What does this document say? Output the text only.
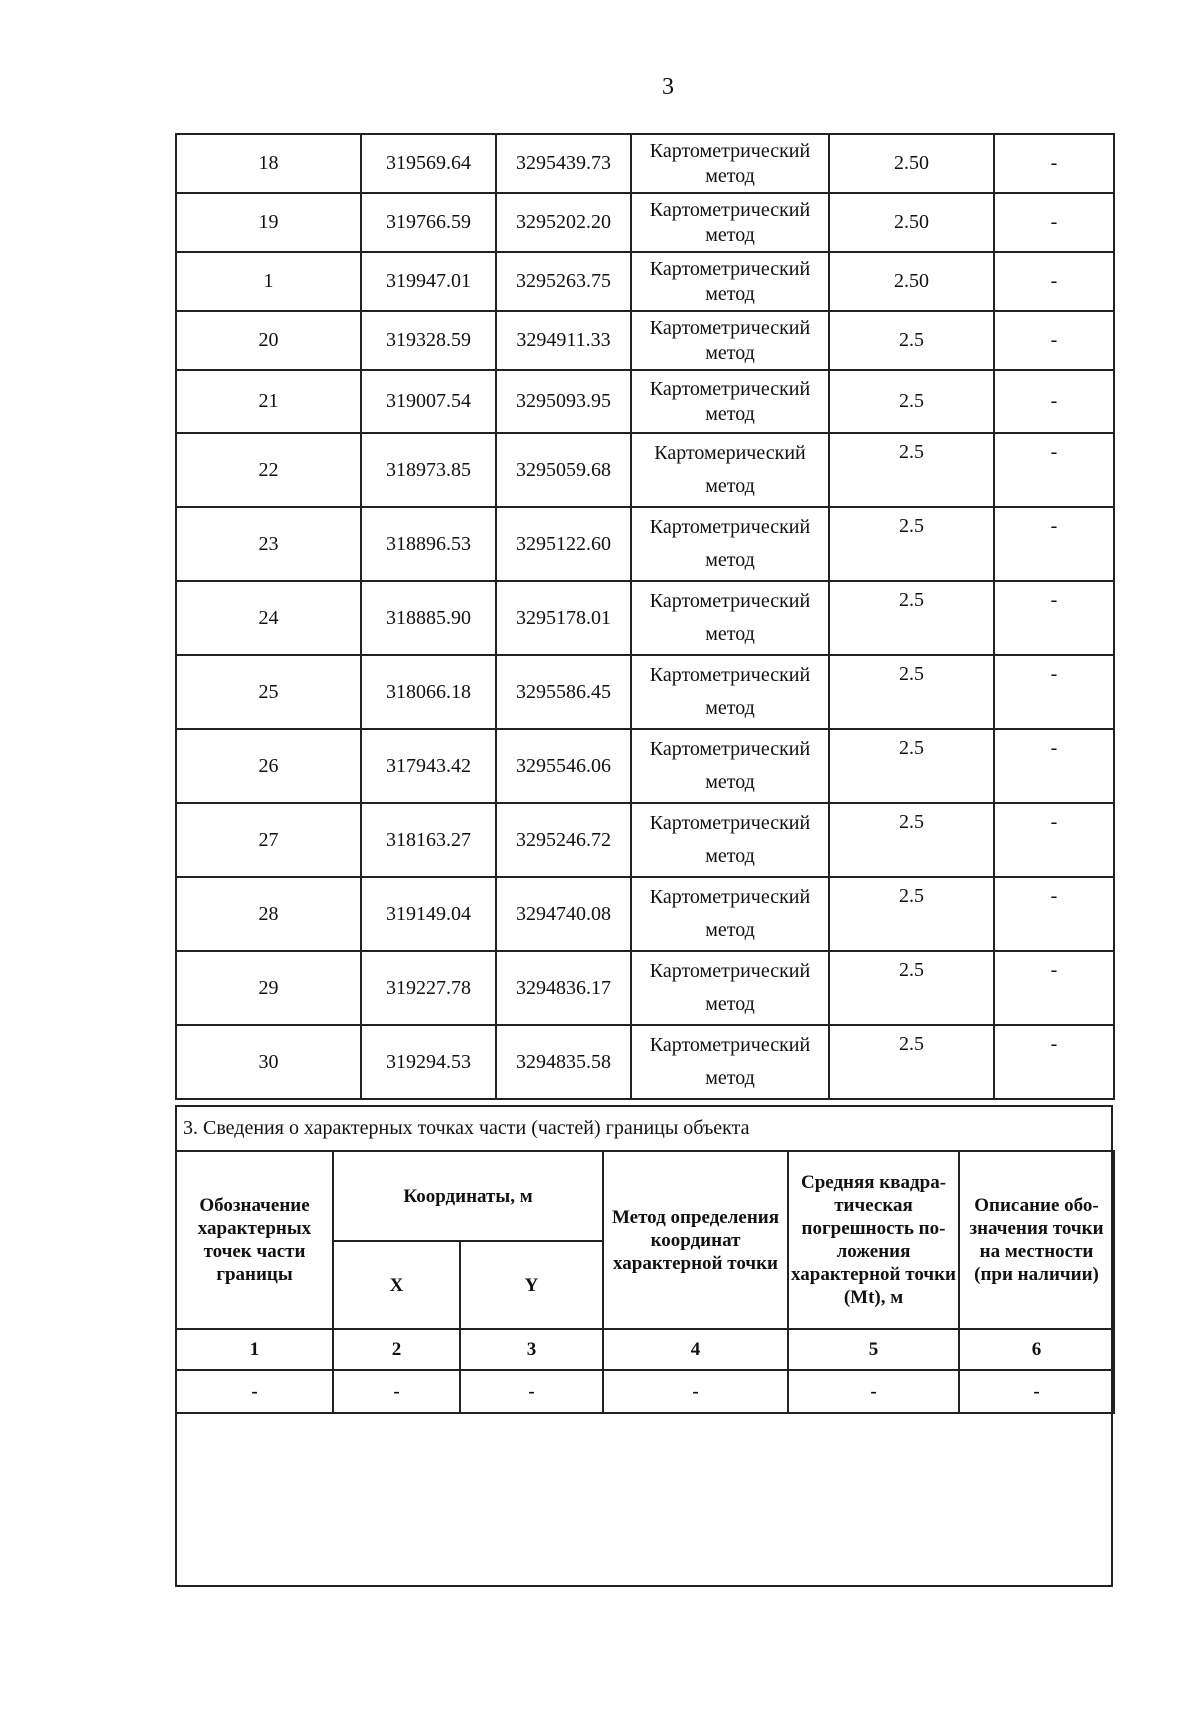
3
18	319569.64	3295439.73	Картометрический метод	2.50	-
19	319766.59	3295202.20	Картометрический метод	2.50	-
1	319947.01	3295263.75	Картометрический метод	2.50	-
20	319328.59	3294911.33	Картометрический метод	2.5	-
21	319007.54	3295093.95	Картометрический метод	2.5	-
22	318973.85	3295059.68	Картомерический метод	2.5	-
23	318896.53	3295122.60	Картометрический метод	2.5	-
24	318885.90	3295178.01	Картометрический метод	2.5	-
25	318066.18	3295586.45	Картометрический метод	2.5	-
26	317943.42	3295546.06	Картометрический метод	2.5	-
27	318163.27	3295246.72	Картометрический метод	2.5	-
28	319149.04	3294740.08	Картометрический метод	2.5	-
29	319227.78	3294836.17	Картометрический метод	2.5	-
30	319294.53	3294835.58	Картометрический метод	2.5	-
3. Сведения о характерных точках части (частей) границы объекта
Обозначение характерных точек части границы	Координаты, м		Метод определения координат характерной точки	Средняя квадра-тическая погрешность по-ложения характерной точки (Mt), м	Описание обо-значения точки на местности (при наличии)
	X	Y			
1	2	3	4	5	6
-	-	-	-	-	-
